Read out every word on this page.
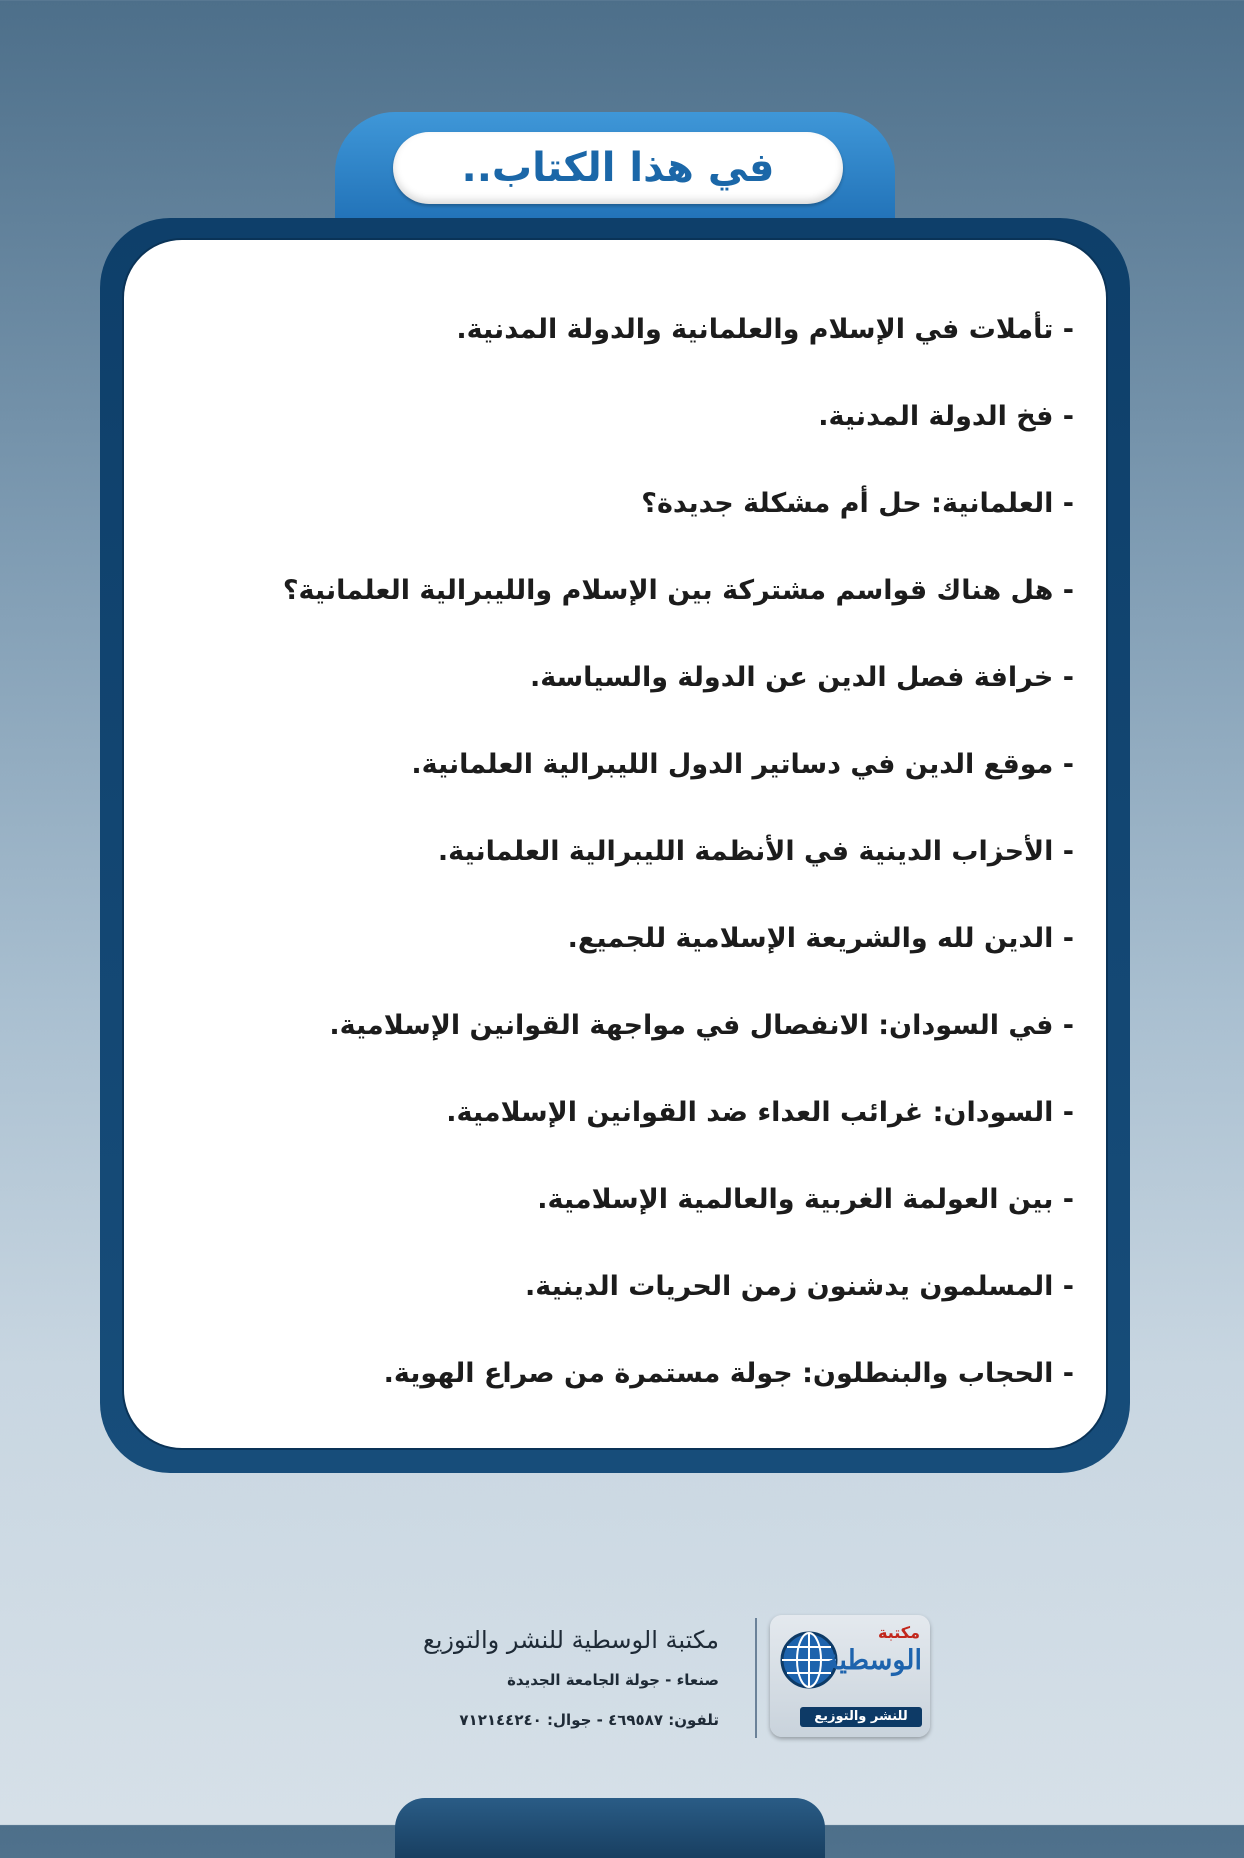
في هذا الكتاب..
- تأملات في الإسلام والعلمانية والدولة المدنية.
- فخ الدولة المدنية.
- العلمانية: حل أم مشكلة جديدة؟
- هل هناك قواسم مشتركة بين الإسلام والليبرالية العلمانية؟
- خرافة فصل الدين عن الدولة والسياسة.
- موقع الدين في دساتير الدول الليبرالية العلمانية.
- الأحزاب الدينية في الأنظمة الليبرالية العلمانية.
- الدين لله والشريعة الإسلامية للجميع.
- في السودان: الانفصال في مواجهة القوانين الإسلامية.
- السودان: غرائب العداء ضد القوانين الإسلامية.
- بين العولمة الغربية والعالمية الإسلامية.
- المسلمون يدشنون زمن الحريات الدينية.
- الحجاب والبنطلون: جولة مستمرة من صراع الهوية.
مكتبة
الوسطية
للنشر والتوزيع
مكتبة الوسطية للنشر والتوزيع
صنعاء - جولة الجامعة الجديدة
تلفون: ٤٦٩٥٨٧ - جوال: ٧١٢١٤٤٢٤٠
